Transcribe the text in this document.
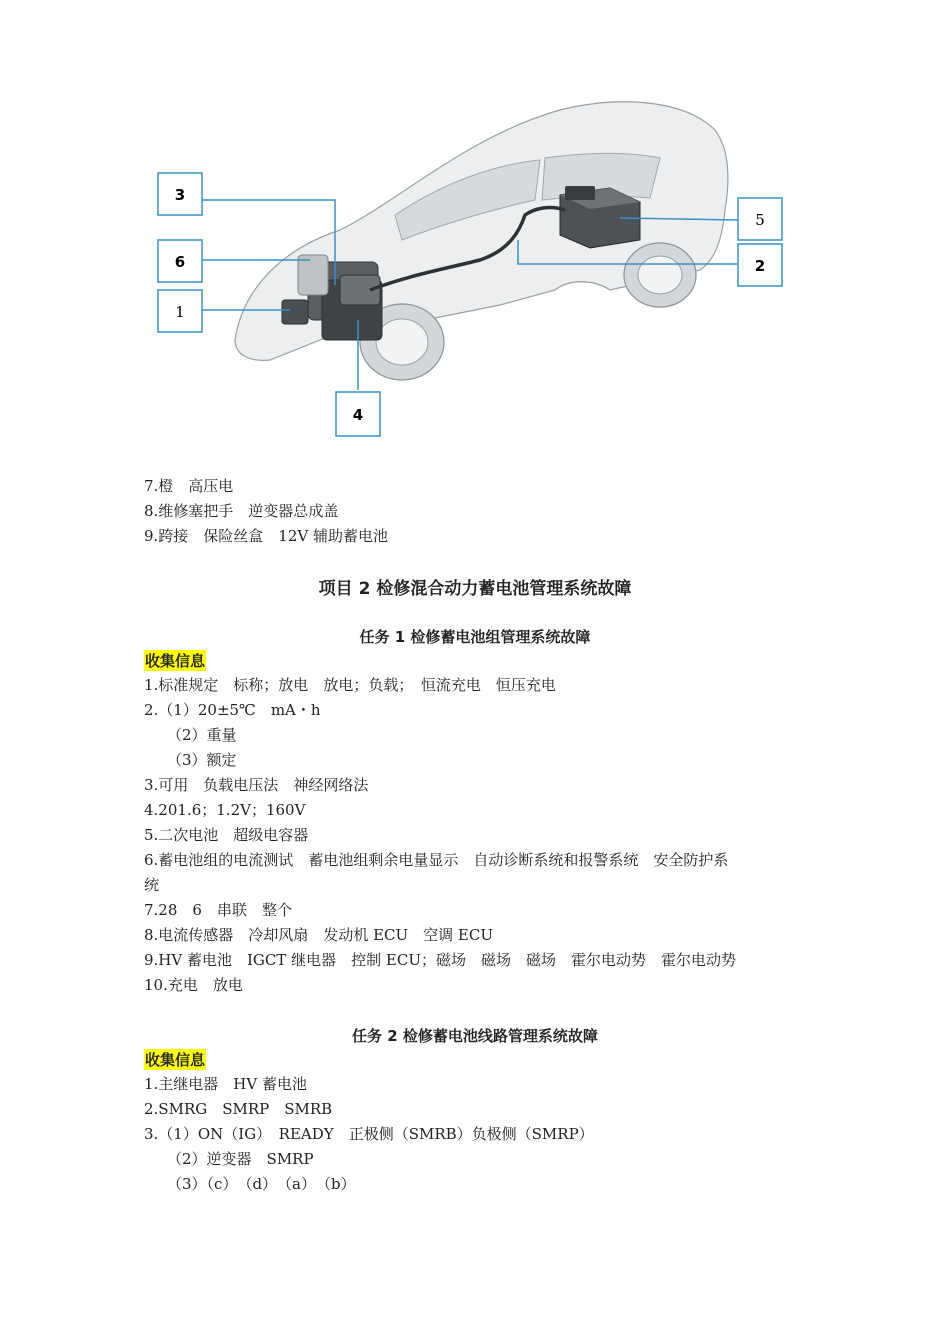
3
6
1
4
5
2
7.橙　高压电
8.维修塞把手　逆变器总成盖
9.跨接　保险丝盒　12V 辅助蓄电池
项目 2 检修混合动力蓄电池管理系统故障
任务 1 检修蓄电池组管理系统故障
收集信息
1.标准规定　标称；放电　放电；负载；　恒流充电　恒压充电
2.（1）20±5℃　mA・h
（2）重量
（3）额定
3.可用　负载电压法　神经网络法
4.201.6；1.2V；160V
5.二次电池　超级电容器
6.蓄电池组的电流测试　蓄电池组剩余电量显示　自动诊断系统和报警系统　安全防护系
统
7.28　6　串联　整个
8.电流传感器　冷却风扇　发动机 ECU　空调 ECU
9.HV 蓄电池　IGCT 继电器　控制 ECU；磁场　磁场　磁场　霍尔电动势　霍尔电动势
10.充电　放电
任务 2 检修蓄电池线路管理系统故障
收集信息
1.主继电器　HV 蓄电池
2.SMRG　SMRP　SMRB
3.（1）ON（IG）　READY　正极侧（SMRB）负极侧（SMRP）
（2）逆变器　SMRP
（3）（c）　（d）　（a）　（b）
